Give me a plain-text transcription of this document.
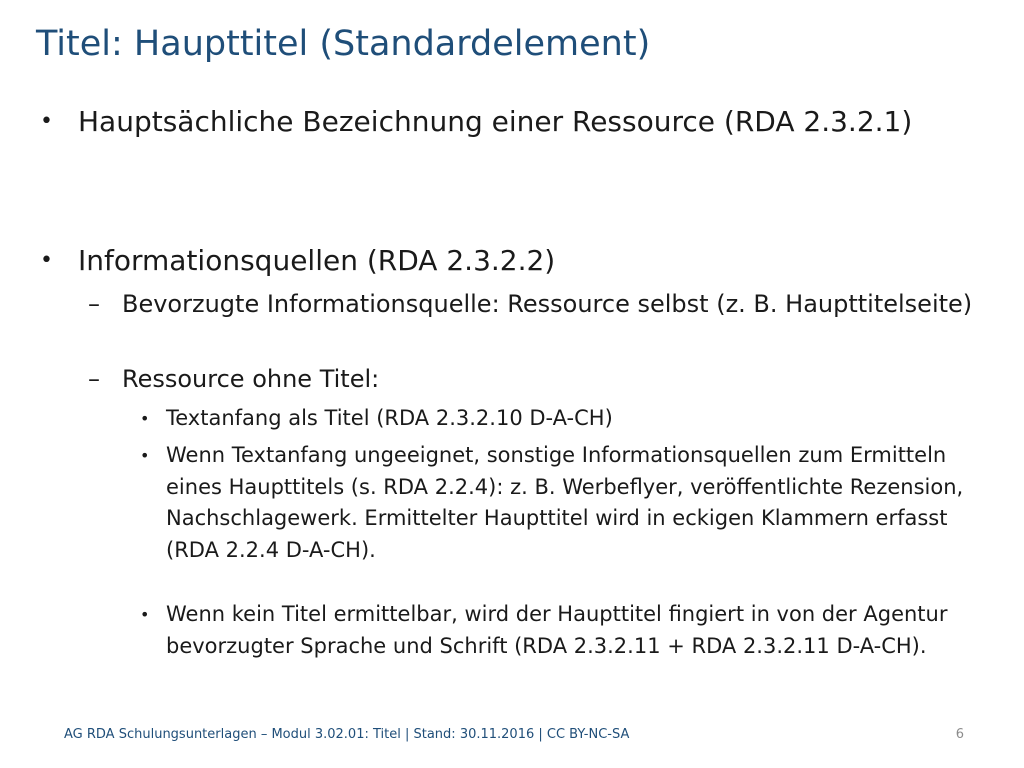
Titel: Haupttitel (Standardelement)
• Hauptsächliche Bezeichnung einer Ressource (RDA 2.3.2.1)

• Informationsquellen (RDA 2.3.2.2)

– Bevorzugte Informationsquelle: Ressource selbst (z. B. Haupttitelseite)

– Ressource ohne Titel:

• Textanfang als Titel (RDA 2.3.2.10 D-A-CH)

• Wenn Textanfang ungeeignet, sonstige Informationsquellen zum Ermitteln eines Haupttitels (s. RDA 2.2.4): z. B. Werbeflyer, veröffentlichte Rezension, Nachschlagewerk. Ermittelter Haupttitel wird in eckigen Klammern erfasst (RDA 2.2.4 D-A-CH).

• Wenn kein Titel ermittelbar, wird der Haupttitel fingiert in von der Agentur bevorzugter Sprache und Schrift (RDA 2.3.2.11 + RDA 2.3.2.11 D-A-CH).

AG RDA Schulungsunterlagen – Modul 3.02.01: Titel | Stand: 30.11.2016 | CC BY-NC-SA	6
